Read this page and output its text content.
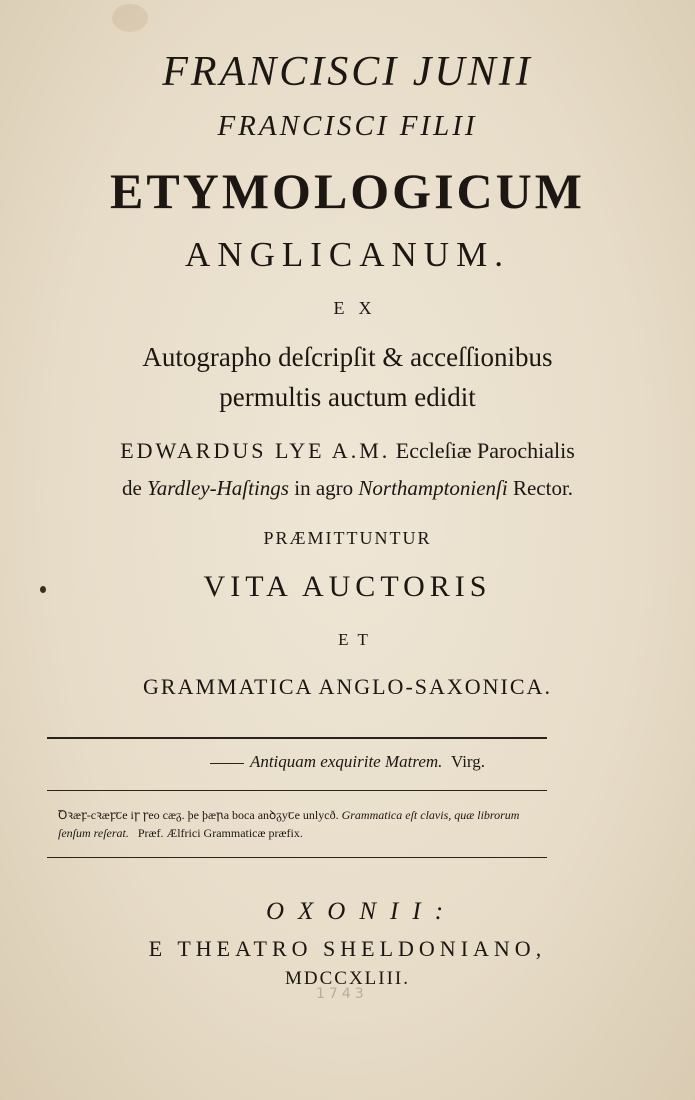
FRANCISCI JUNII
FRANCISCI FILII
ETYMOLOGICUM
ANGLICANUM.
EX
Autographo deſcripſit & acceſſionibus
permultis auctum edidit
EDWARDUS LYE A.M. Eccleſiæ Parochialis
de Yardley-Haſtings in agro Northamptonienſi Rector.
PRÆMITTUNTUR
VITA AUCTORIS
ET
GRAMMATICA ANGLO-SAXONICA.
Antiquam exquirite Matrem. Virg.
Ꝺꝛæꝼ-cꝛæꝼꞇe iꞅ ꞅeo cæᵹ. þe þæꞃa boca anꝺᵹyꞇe unlycð. Grammatica eſt clavis, quæ librorum
ſenſum reſerat. Præf. Ælfrici Grammaticæ præfix.
OXONII:
E THEATRO SHELDONIANO,
MDCCXLIII.
1743
